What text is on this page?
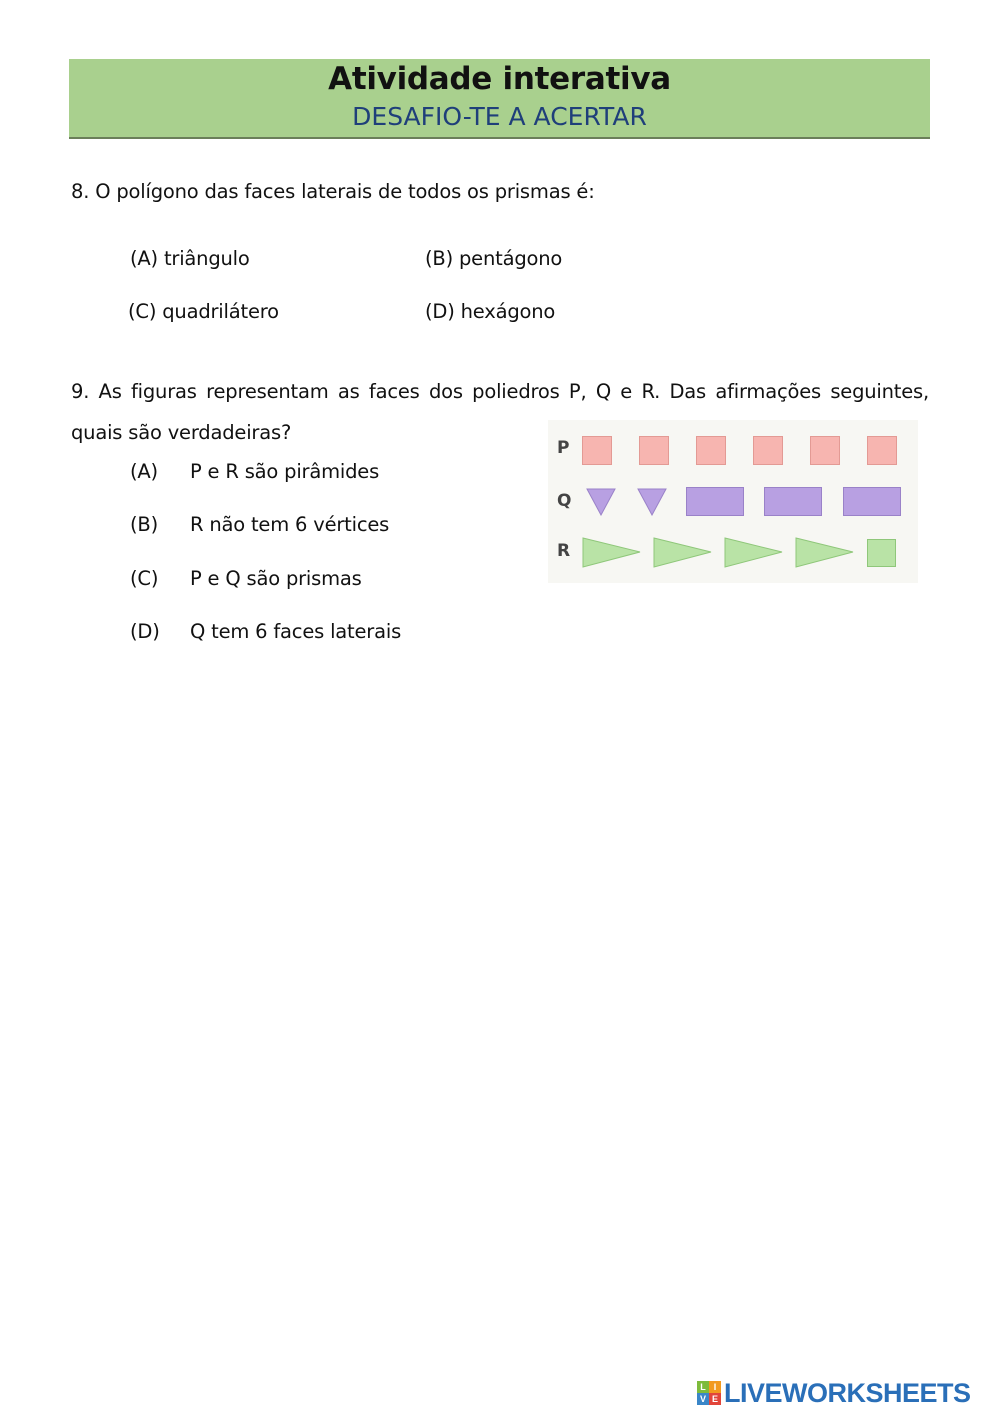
Atividade interativa
DESAFIO-TE A ACERTAR
8. O polígono das faces laterais de todos os prismas é:
(A) triângulo	(B) pentágono
(C) quadrilátero	(D) hexágono
9. As figuras representam as faces dos poliedros P, Q e R. Das afirmações seguintes,
quais são verdadeiras?
(A) P e R são pirâmides
(B) R não tem 6 vértices
(C) P e Q são prismas
(D) Q tem 6 faces laterais
P
Q
R
L I
V E LIVEWORKSHEETS
